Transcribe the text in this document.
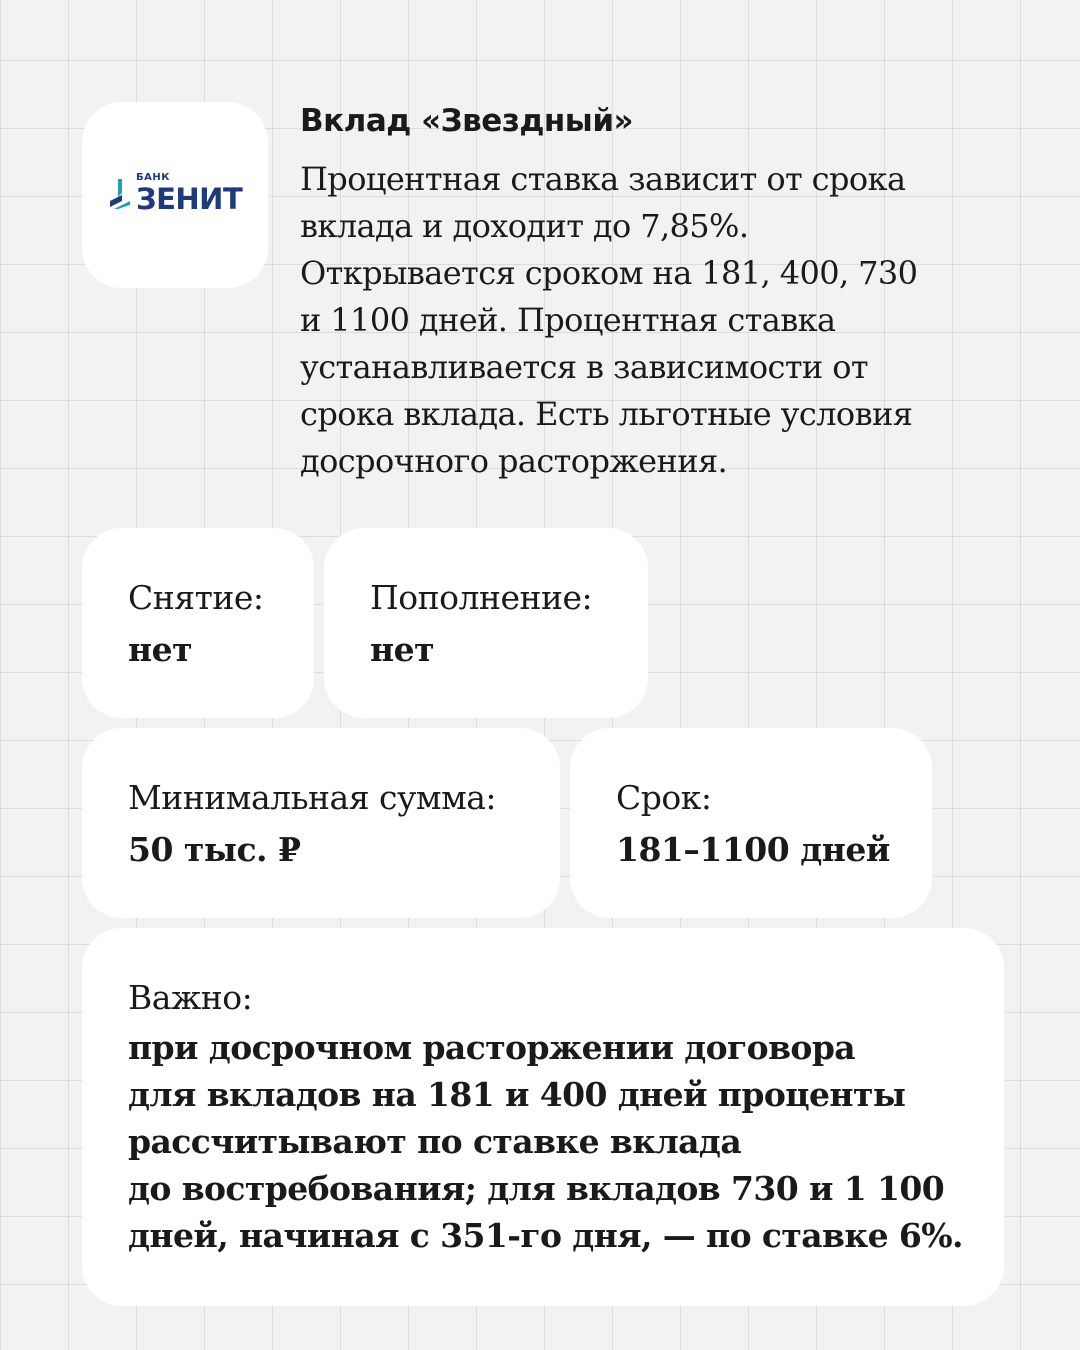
БАНК
ЗЕНИТ
Вклад «Звездный»

Процентная ставка зависит от срока
вклада и доходит до 7,85%.
Открывается сроком на 181, 400, 730
и 1100 дней. Процентная ставка
устанавливается в зависимости от
срока вклада. Есть льготные условия
досрочного расторжения.

Снятие:
нет
Пополнение:
нет
Минимальная сумма:
50 тыс. ₽
Срок:
181–1100 дней
Важно:

при досрочном расторжении договора
для вкладов на 181 и 400 дней проценты
рассчитывают по ставке вклада
до востребования; для вкладов 730 и 1 100
дней, начиная с 351-го дня, — по ставке 6%.
